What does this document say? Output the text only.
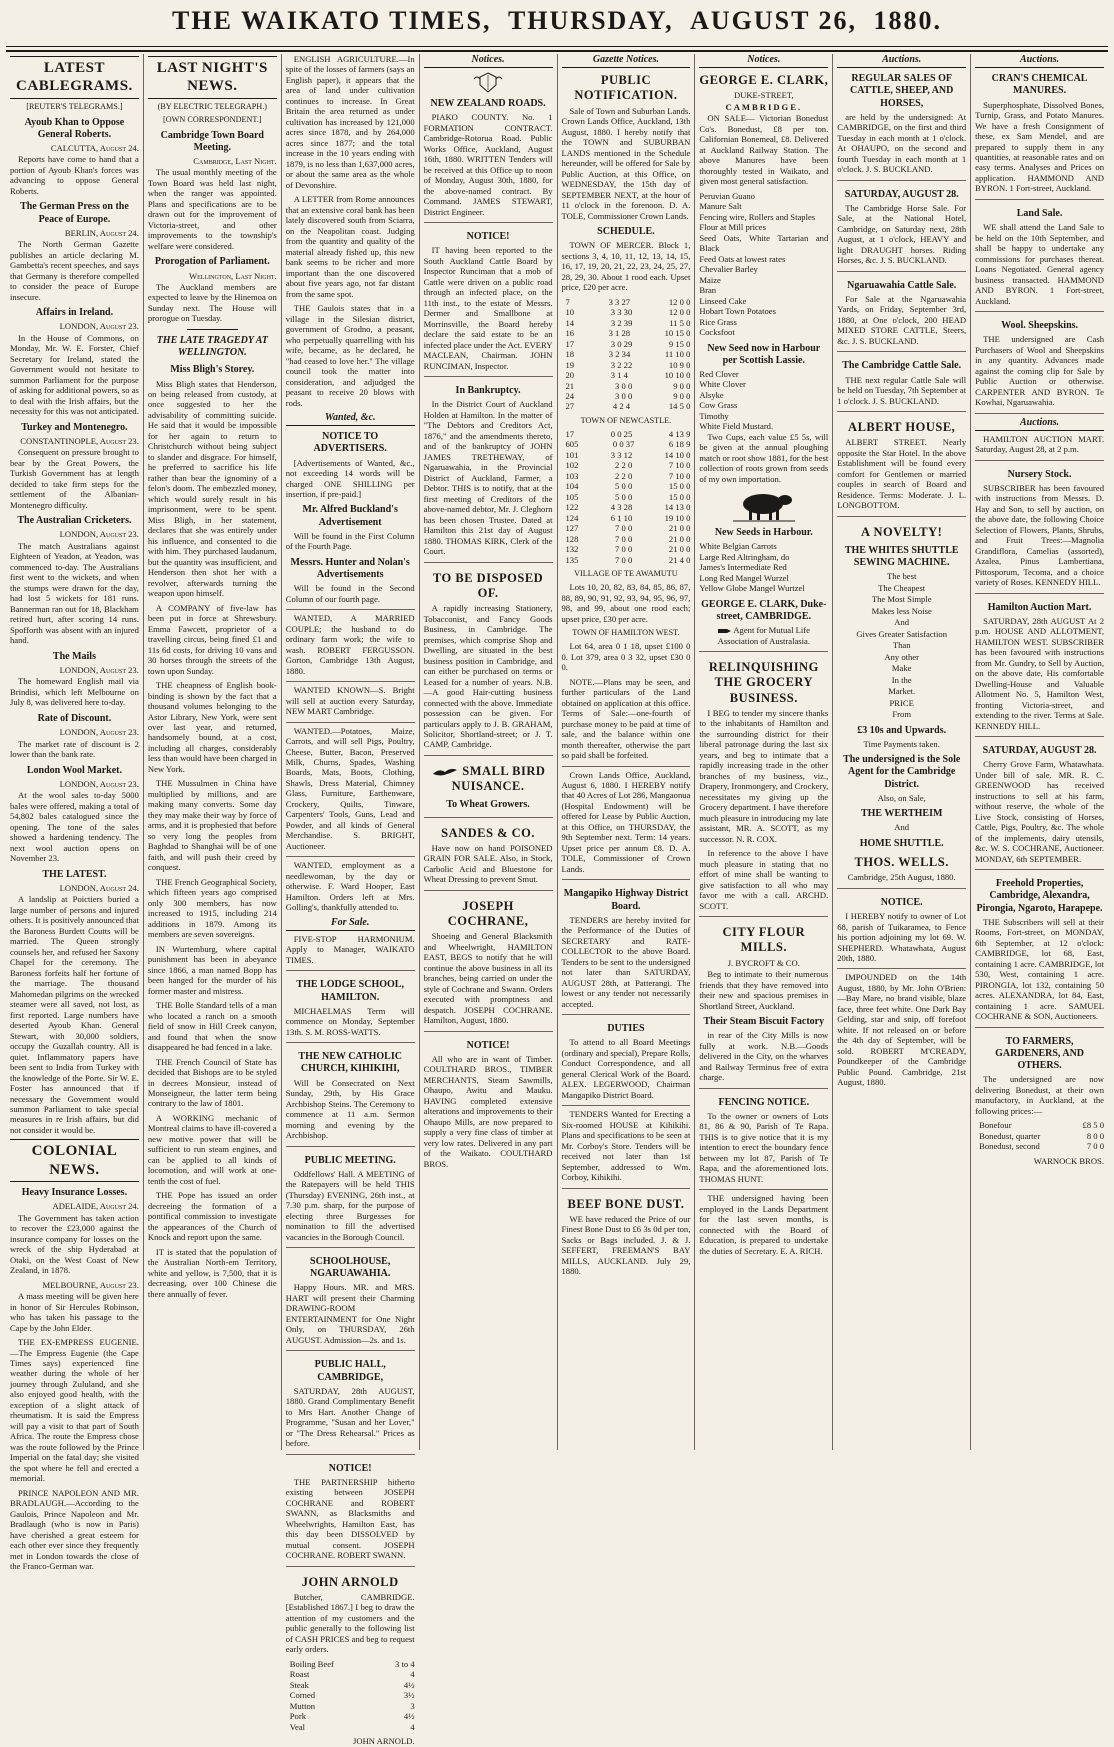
THE WAIKATO TIMES, THURSDAY, AUGUST 26, 1880.
LATEST CABLEGRAMS.
[REUTER'S TELEGRAMS.]
Ayoub Khan to Oppose General Roberts.

CALCUTTA, August 24.

Reports have come to hand that a portion of Ayoub Khan's forces was advancing to oppose General Roberts.

The German Press on the Peace of Europe.

BERLIN, August 24.

The North German Gazette publishes an article declaring M. Gambetta's recent speeches, and says that Germany is therefore compelled to consider the peace of Europe insecure.

Affairs in Ireland.

LONDON, August 23.

In the House of Commons, on Monday, Mr. W. E. Forster, Chief Secretary for Ireland, stated the Government would not hesitate to summon Parliament for the purpose of asking for additional powers, so as to deal with the Irish affairs, but the necessity for this was not anticipated.

Turkey and Montenegro.

CONSTANTINOPLE, August 23.

Consequent on pressure brought to bear by the Great Powers, the Turkish Government has at length decided to take firm steps for the settlement of the Albanian-Montenegro difficulty.

The Australian Cricketers.

LONDON, August 23.

The match Australians against Eighteen of Yeadon, at Yeadon, was commenced to-day. The Australians first went to the wickets, and when the stumps were drawn for the day, had lost 5 wickets for 181 runs. Bannerman ran out for 18, Blackham retired hurt, after scoring 14 runs. Spofforth was absent with an injured hand.

The Mails

LONDON, August 23.

The homeward English mail via Brindisi, which left Melbourne on July 8, was delivered here to-day.

Rate of Discount.

LONDON, August 23.

The market rate of discount is 2 lower than the bank rate.

London Wool Market.

LONDON, August 23.

At the wool sales to-day 5000 bales were offered, making a total of 54,802 bales catalogued since the opening. The tone of the sales showed a hardening tendency. The next wool auction opens on November 23.

THE LATEST.

LONDON, August 24.

A landslip at Poictiers buried a large number of persons and injured others. It is positively announced that the Baroness Burdett Coutts will be married. The Queen strongly counsels her, and refused her Saxony Chapel for the ceremony. The Baroness forfeits half her fortune of the marriage. The thousand Mahomedan pilgrims on the wrecked steamer were all saved, not lost, as first reported. Large numbers have deserted Ayoub Khan. General Stewart, with 30,000 soldiers, occupy the Guzallah country. All is quiet. Inflammatory papers have been sent to India from Turkey with the knowledge of the Porte. Sir W. E. Foster has announced that if necessary the Government would summon Parliament to take special measures in re Irish affairs, but did not consider it would be.

COLONIAL NEWS.
Heavy Insurance Losses.

ADELAIDE, August 24.

The Government has taken action to recover the £23,000 against the insurance company for losses on the wreck of the ship Hyderabad at Otaki, on the West Coast of New Zealand, in 1878.

MELBOURNE, August 23.

A mass meeting will be given here in honor of Sir Hercules Robinson, who has taken his passage to the Cape by the John Elder.

THE EX-EMPRESS EUGENIE.—The Empress Eugenie (the Cape Times says) experienced fine weather during the whole of her journey through Zululand, and she also enjoyed good health, with the exception of a slight attack of rheumatism. It is said the Empress will pay a visit to that part of South Africa. The route the Empress chose was the route followed by the Prince Imperial on the fatal day; she visited the spot where he fell and erected a memorial.

PRINCE NAPOLEON AND MR. BRADLAUGH.—According to the Gaulois, Prince Napoleon and Mr. Bradlaugh (who is now in Paris) have cherished a great esteem for each other ever since they frequently met in London towards the close of the Franco-German war.

LAST NIGHT'S NEWS.
(BY ELECTRIC TELEGRAPH.)
[OWN CORRESPONDENT.]
Cambridge Town Board Meeting.

Cambridge, Last Night.

The usual monthly meeting of the Town Board was held last night, when the ranger was appointed. Plans and specifications are to be drawn out for the improvement of Victoria-street, and other improvements to the township's welfare were considered.

Prorogation of Parliament.

Wellington, Last Night.

The Auckland members are expected to leave by the Hinemoa on Sunday next. The House will prorogue on Tuesday.

THE LATE TRAGEDY AT WELLINGTON.
Miss Bligh's Storey.

Miss Bligh states that Henderson, on being released from custody, at once suggested to her the advisability of committing suicide. He said that it would be impossible for her again to return to Christchurch without being subject to slander and disgrace. For himself, he preferred to sacrifice his life rather than bear the ignominy of a felon's doom. The embezzled money, which would surely result in his imprisonment, were to be spent. Miss Bligh, in her statement, declares that she was entirely under his influence, and consented to die with him. They purchased laudanum, but the quantity was insufficient, and Henderson then shot her with a revolver, afterwards turning the weapon upon himself.

A COMPANY of five-law has been put in force at Shrewsbury. Emma Fawcett, proprietor of a travelling circus, being fined £1 and 11s 6d costs, for driving 10 vans and 30 horses through the streets of the town upon Sunday.

THE cheapness of English book-binding is shown by the fact that a thousand volumes belonging to the Astor Library, New York, were sent over last year, and returned, handsomely bound, at a cost, including all charges, considerably less than would have been charged in New York.

THE Mussulmen in China have multiplied by millions, and are making many converts. Some day they may make their way by force of arms, and it is prophesied that before so very long the peoples from Baghdad to Shanghai will be of one faith, and will push their creed by conquest.

THE French Geographical Society, which fifteen years ago comprised only 300 members, has now increased to 1915, including 214 additions in 1879. Among its members are seven sovereigns.

IN Wurtemburg, where capital punishment has been in abeyance since 1866, a man named Bopp has been hanged for the murder of his former master and mistress.

THE Bolle Standard tells of a man who located a ranch on a smooth field of snow in Hill Creek canyon, and found that when the snow disappeared he had fenced in a lake.

THE French Council of State has decided that Bishops are to be styled in decrees Monsieur, instead of Monseigneur, the latter term being contrary to the law of 1801.

A WORKING mechanic of Montreal claims to have ill-covered a new motive power that will be sufficient to run steam engines, and can be applied to all kinds of locomotion, and will work at one-tenth the cost of fuel.

THE Pope has issued an order decreeing the formation of a pontifical commission to investigate the appearances of the Church of Knock and report upon the same.

IT is stated that the population of the Australian North-em Territory, white and yellow, is 7,500, that it is decreasing, over 100 Chinese die there annually of fever.

ENGLISH AGRICULTURE.—In spite of the losses of farmers (says an English paper), it appears that the area of land under cultivation continues to increase. In Great Britain the area returned as under cultivation has increased by 121,000 acres since 1878, and by 264,000 acres since 1877; and the total increase in the 10 years ending with 1879, is no less than 1,637,000 acres, or about the same area as the whole of Devonshire.

A LETTER from Rome announces that an extensive coral bank has been lately discovered south from Sciarra, on the Neapolitan coast. Judging from the quantity and quality of the material already fished up, this new bank seems to be richer and more important than the one discovered about five years ago, not far distant from the same spot.

THE Gaulois states that in a village in the Silesian district, government of Grodno, a peasant, who perpetually quarrelling with his wife, became, as he declared, he "had ceased to love her." The village council took the matter into consideration, and adjudged the peasant to receive 20 blows with rods.

Wanted, &c.
NOTICE TO ADVERTISERS.

[Advertisements of Wanted, &c., not exceeding 14 words will be charged ONE SHILLING per insertion, if pre-paid.]

Mr. Alfred Buckland's Advertisement

Will be found in the First Column of the Fourth Page.

Messrs. Hunter and Nolan's Advertisements

Will be found in the Second Column of our fourth page.

WANTED, A MARRIED COUPLE; the husband to do ordinary farm work; the wife to wash. ROBERT FERGUSSON. Gorton, Cambridge 13th August, 1880.

WANTED KNOWN—S. Bright will sell at auction every Saturday, NEW MART Cambridge.

WANTED.—Potatoes, Maize, Carrots, and will sell Pigs, Poultry, Cheese, Butter, Bacon, Preserved Milk, Churns, Spades, Washing Boards, Mats, Boots, Clothing, Shawls, Dress Material, Chimney Glass, Furniture, Earthenware, Crockery, Quilts, Tinware, Carpenters' Tools, Guns, Lead and Powder, and all kinds of General Merchandise. S. BRIGHT, Auctioneer.

WANTED, employment as a needlewoman, by the day or otherwise. F. Ward Hooper, East Hamilton. Orders left at Mrs. Golling's, thankfully attended to.

For Sale.

FIVE-STOP HARMONIUM. Apply to Manager, WAIKATO TIMES.

THE LODGE SCHOOL, HAMILTON.

MICHAELMAS Term will commence on Monday, September 13th. S. M. ROSS-WATTS.

THE NEW CATHOLIC CHURCH, KIHIKIHI,

Will be Consecrated on Next Sunday, 29th, by His Grace Archbishop Steins. The Ceremony to commence at 11 a.m. Sermon morning and evening by the Archbishop.

PUBLIC MEETING.

Oddfellows' Hall. A MEETING of the Ratepayers will be held THIS (Thursday) EVENING, 26th inst., at 7.30 p.m. sharp, for the purpose of electing three Burgesses for nomination to fill the advertised vacancies in the Borough Council.

SCHOOLHOUSE, NGARUAWAHIA.

Happy Hours. MR. and MRS. HART will present their Charming DRAWING-ROOM ENTERTAINMENT for One Night Only, on THURSDAY, 26th AUGUST. Admission—2s. and 1s.

PUBLIC HALL, CAMBRIDGE,

SATURDAY, 28th AUGUST, 1880. Grand Complimentary Benefit to Mrs Hart. Another Change of Programme, "Susan and her Lover," or "The Dress Rehearsal." Prices as before.

NOTICE!

THE PARTNERSHIP hitherto existing between JOSEPH COCHRANE and ROBERT SWANN, as Blacksmiths and Wheelwrights, Hamilton East, has this day been DISSOLVED by mutual consent. JOSEPH COCHRANE. ROBERT SWANN.

JOHN ARNOLD

Butcher, CAMBRIDGE. [Established 1867.] I beg to draw the attention of my customers and the public generally to the following list of CASH PRICES and beg to request early orders.

Boiling Beef	3 to 4
Roast	4
Steak	4½
Corned	3½
Mutton	3
Pork	4½
Veal	4
JOHN ARNOLD.
Notices.
NEW ZEALAND ROADS.

PIAKO COUNTY. No. 1 FORMATION CONTRACT. Cambridge-Rotorua Road. Public Works Office, Auckland, August 16th, 1880. WRITTEN Tenders will be received at this Office up to noon of Monday, August 30th, 1880, for the above-named contract. By Command. JAMES STEWART, District Engineer.

NOTICE!

IT having been reported to the South Auckland Cattle Board by Inspector Runciman that a mob of Cattle were driven on a public road through an infected place, on the 11th inst., to the estate of Messrs. Dermer and Smallbone at Morrinsville, the Board hereby declare the said estate to be an infected place under the Act. EVERY MACLEAN, Chairman. JOHN RUNCIMAN, Inspector.

In Bankruptcy.

In the District Court of Auckland Holden at Hamilton. In the matter of "The Debtors and Creditors Act, 1876," and the amendments thereto, and of the bankruptcy of JOHN JAMES TRETHEWAY, of Ngaruawahia, in the Provincial District of Auckland, Farmer, a Debtor. THIS is to notify, that at the first meeting of Creditors of the above-named debtor, Mr. J. Cleghorn has been chosen Trustee. Dated at Hamilton this 21st day of August 1880. THOMAS KIRK, Clerk of the Court.

TO BE DISPOSED OF.

A rapidly increasing Stationery, Tobacconist, and Fancy Goods Business, in Cambridge. The premises, which comprise Shop and Dwelling, are situated in the best business position in Cambridge, and can either be purchased on terms or Leased for a number of years. N.B.—A good Hair-cutting business connected with the above. Immediate possession can be given. For particulars apply to J. B. GRAHAM, Solicitor, Shortland-street; or J. T. CAMP, Cambridge.

SMALL BIRD NUISANCE.
To Wheat Growers.
SANDES & CO.

Have now on hand POISONED GRAIN FOR SALE. Also, in Stock, Carbolic Acid and Bluestone for Wheat Dressing to prevent Smut.

JOSEPH COCHRANE,

Shoeing and General Blacksmith and Wheelwright, HAMILTON EAST, BEGS to notify that he will continue the above business in all its branches, being carried on under the style of Cochrane and Swann. Orders executed with promptness and despatch. JOSEPH COCHRANE. Hamilton, August, 1880.

NOTICE!

All who are in want of Timber. COULTHARD BROS., TIMBER MERCHANTS, Steam Sawmills, Ohaupo, Awitu and Mauku. HAVING completed extensive alterations and improvements to their Ohaupo Mills, are now prepared to supply a very fine class of timber at very low rates. Delivered in any part of the Waikato. COULTHARD BROS.

Gazette Notices.
PUBLIC NOTIFICATION.

Sale of Town and Suburban Lands. Crown Lands Office, Auckland, 13th August, 1880. I hereby notify that the TOWN and SUBURBAN LANDS mentioned in the Schedule hereunder, will be offered for Sale by Public Auction, at this Office, on WEDNESDAY, the 15th day of SEPTEMBER NEXT, at the hour of 11 o'clock in the forenoon. D. A. TOLE, Commissioner Crown Lands.

SCHEDULE.

TOWN OF MERCER. Block 1, sections 3, 4, 10, 11, 12, 13, 14, 15, 16, 17, 19, 20, 21, 22, 23, 24, 25, 27, 28, 29, 30. About 1 rood each. Upset price, £20 per acre.

7	3 3 27	12 0 0
10	3 3 30	12 0 0
14	3 2 39	11 5 0
16	3 1 28	10 15 0
17	3 0 29	9 15 0
18	3 2 34	11 10 0
19	3 2 22	10 9 0
20	3 1 4	10 10 0
21	3 0 0	9 0 0
24	3 0 0	9 0 0
27	4 2 4	14 5 0
TOWN OF NEWCASTLE.
17	0 0 25	4 13 9
605	0 0 37	6 18 9
101	3 3 12	14 10 0
102	2 2 0	7 10 0
103	2 2 0	7 10 0
104	5 0 0	15 0 0
105	5 0 0	15 0 0
122	4 3 28	14 13 0
124	6 1 10	19 10 0
127	7 0 0	21 0 0
128	7 0 0	21 0 0
132	7 0 0	21 0 0
135	7 0 0	21 4 0
VILLAGE OF TE AWAMUTU

Lots 10, 20, 82, 83, 84, 85, 86, 87, 88, 89, 90, 91, 92, 93, 94, 95, 96, 97, 98, and 99, about one rood each; upset price, £30 per acre.

TOWN OF HAMILTON WEST.

Lot 64, area 0 1 18, upset £100 0 0. Lot 379, area 0 3 32, upset £30 0 0.

NOTE.—Plans may be seen, and further particulars of the Land obtained on application at this office. Terms of Sale:—one-fourth of purchase money to be paid at time of sale, and the balance within one month thereafter, otherwise the part so paid shall be forfeited.

Crown Lands Office, Auckland, August 6, 1880. I HEREBY notify that 40 Acres of Lot 286, Mangaonua (Hospital Endowment) will be offered for Lease by Public Auction, at this Office, on THURSDAY, the 9th September next. Term: 14 years. Upset price per annum £8. D. A. TOLE, Commissioner of Crown Lands.

Mangapiko Highway District Board.

TENDERS are hereby invited for the Performance of the Duties of SECRETARY and RATE-COLLECTOR to the above Board. Tenders to be sent to the undersigned not later than SATURDAY, AUGUST 28th, at Patterangi. The lowest or any tender not necessarily accepted.

DUTIES

To attend to all Board Meetings (ordinary and special), Prepare Rolls, Conduct Correspondence, and all general Clerical Work of the Board. ALEX. LEGERWOOD, Chairman Mangapiko District Board.

TENDERS Wanted for Erecting a Six-roomed HOUSE at Kihikihi. Plans and specifications to be seen at Mr. Corboy's Store. Tenders will be received not later than 1st September, addressed to Wm. Corboy, Kihikihi.

BEEF BONE DUST.

WE have reduced the Price of our Finest Bone Dust to £6 3s 0d per ton, Sacks or Bags included. J. & J. SEFFERT, FREEMAN'S BAY MILLS, AUCKLAND. July 29, 1880.

Notices.
GEORGE E. CLARK,
DUKE-STREET,
CAMBRIDGE.

ON SALE— Victorian Bonedust Co's. Bonedust, £8 per ton. Californian Bonemeal, £8. Delivered at Auckland Railway Station. The above Manures have been thoroughly tested in Waikato, and given most general satisfaction.

Peruvian Guano
Manure Salt
Fencing wire, Rollers and Staples
Flour at Mill prices
Seed Oats, White Tartarian and Black
Feed Oats at lowest rates
Chevalier Barley
Maize
Bran
Linseed Cake
Hobart Town Potatoes
Rice Grass
Cocksfoot
New Seed now in Harbour per Scottish Lassie.
Red Clover
White Clover
Alsyke
Cow Grass
Timothy
White Field Mustard.

Two Cups, each value £5 5s, will be given at the annual ploughing match or root show 1881, for the best collection of roots grown from seeds of my own importation.

New Seeds in Harbour.
White Belgian Carrots
Large Red Altringham, do
James's Intermediate Red
Long Red Mangel Wurzel
Yellow Globe Mangel Wurtzel
GEORGE E. CLARK, Duke-street, CAMBRIDGE.
Agent for Mutual Life Association of Australasia.
RELINQUISHING THE GROCERY BUSINESS.

I BEG to tender my sincere thanks to the inhabitants of Hamilton and the surrounding district for their liberal patronage during the last six years, and beg to intimate that a rapidly increasing trade in the other branches of my business, viz., Drapery, Ironmongery, and Crockery, necessitates my giving up the Grocery department. I have therefore much pleasure in introducing my late assistant, MR. A. SCOTT, as my successor. N. R. COX.

In reference to the above I have much pleasure in stating that no effort of mine shall be wanting to give satisfaction to all who may favor me with a call. ARCHD. SCOTT.

CITY FLOUR MILLS.
J. BYCROFT & CO.

Beg to intimate to their numerous friends that they have removed into their new and spacious premises in Shortland Street, Auckland.

Their Steam Biscuit Factory

in rear of the City Mills is now fully at work. N.B.—Goods delivered in the City, on the wharves and Railway Terminus free of extra charge.

FENCING NOTICE.

To the owner or owners of Lots 81, 86 & 90, Parish of Te Rapa. THIS is to give notice that it is my intention to erect the boundary fence between my lot 87, Parish of Te Rapa, and the aforementioned lots. THOMAS HUNT.

THE undersigned having been employed in the Lands Department for the last seven months, is connected with the Board of Education, is prepared to undertake the duties of Secretary. E. A. RICH.

Auctions.
REGULAR SALES OF CATTLE, SHEEP, AND HORSES,

are held by the undersigned: At CAMBRIDGE, on the first and third Tuesday in each month at 1 o'clock. At OHAUPO, on the second and fourth Tuesday in each month at 1 o'clock. J. S. BUCKLAND.

SATURDAY, AUGUST 28.

The Cambridge Horse Sale. For Sale, at the National Hotel, Cambridge, on Saturday next, 28th August, at 1 o'clock, HEAVY and light DRAUGHT horses. Riding Horses, &c. J. S. BUCKLAND.

Ngaruawahia Cattle Sale.

For Sale at the Ngaruawahia Yards, on Friday, September 3rd, 1880, at One o'clock, 200 HEAD MIXED STORE CATTLE, Steers, &c. J. S. BUCKLAND.

The Cambridge Cattle Sale.

THE next regular Cattle Sale will be held on Tuesday, 7th September at 1 o'clock. J. S. BUCKLAND.

ALBERT HOUSE,

ALBERT STREET. Nearly opposite the Star Hotel. In the above Establishment will be found every comfort for Gentlemen or married couples in search of Board and Residence. Terms: Moderate. J. L. LONGBOTTOM.

A NOVELTY!
THE WHITES SHUTTLE SEWING MACHINE.
The best
The Cheapest
The Most Simple
Makes less Noise
And
Gives Greater Satisfaction
Than
Any other
Make
In the
Market.
PRICE
From
£3 10s and Upwards.
Time Payments taken.
The undersigned is the Sole Agent for the Cambridge District.
Also, on Sale,
THE WERTHEIM
And
HOME SHUTTLE.
THOS. WELLS.
Cambridge, 25th August, 1880.
NOTICE.

I HEREBY notify to owner of Lot 68, parish of Tuikaramea, to Fence his portion adjoining my lot 69. W. SHEPHERD. Whatawhata, August 20th, 1880.

IMPOUNDED on the 14th August, 1880, by Mr. John O'Brien:—Bay Mare, no brand visible, blaze face, three feet white. One Dark Bay Gelding, star and snip, off forefoot white. If not released on or before the 4th day of September, will be sold. ROBERT M'CREADY, Poundkeeper of the Cambridge Public Pound. Cambridge, 21st August, 1880.

Auctions.
CRAN'S CHEMICAL MANURES.

Superphosphate, Dissolved Bones, Turnip, Grass, and Potato Manures. We have a fresh Consignment of these, ex Sam Mendel, and are prepared to supply them in any quantities, at reasonable rates and on easy terms. Analyses and Prices on application. HAMMOND AND BYRON. 1 Fort-street, Auckland.

Land Sale.

WE shall attend the Land Sale to be held on the 10th September, and shall be happy to undertake any commissions for purchases thereat. Loans Negotiated. General agency business transacted. HAMMOND AND BYRON. 1 Fort-street, Auckland.

Wool. Sheepskins.

THE undersigned are Cash Purchasers of Wool and Sheepskins in any quantity. Advances made against the coming clip for Sale by Public Auction or otherwise. CARPENTER AND BYRON. Te Kowhai, Ngaruawahia.

Auctions.

HAMILTON AUCTION MART. Saturday, August 28, at 2 p.m.

Nursery Stock.

SUBSCRIBER has been favoured with instructions from Messrs. D. Hay and Son, to sell by auction, on the above date, the following Choice Selection of Flowers, Plants, Shrubs, and Fruit Trees:—Magnolia Grandiflora, Camelias (assorted), Azalea, Pinus Lambertiana, Pittosporum, Tecoma, and a choice variety of Roses. KENNEDY HILL.

Hamilton Auction Mart.

SATURDAY, 28th AUGUST At 2 p.m. HOUSE AND ALLOTMENT, HAMILTON WEST. SUBSCRIBER has been favoured with instructions from Mr. Gundry, to Sell by Auction, on the above date, His comfortable Dwelling-House and Valuable Allotment No. 5, Hamilton West, fronting Victoria-street, and extending to the river. Terms at Sale. KENNEDY HILL.

SATURDAY, AUGUST 28.

Cherry Grove Farm, Whatawhata. Under bill of sale. MR. R. C. GREENWOOD has received instructions to sell at his farm, without reserve, the whole of the Live Stock, consisting of Horses, Cattle, Pigs, Poultry, &c. The whole of the implements, dairy utensils, &c. W. S. COCHRANE, Auctioneer. MONDAY, 6th SEPTEMBER.

Freehold Properties, Cambridge, Alexandra, Pirongia, Ngaroto, Harapepe.

THE Subscribers will sell at their Rooms, Fort-street, on MONDAY, 6th September, at 12 o'clock: CAMBRIDGE, lot 68, East, containing 1 acre. CAMBRIDGE, lot 530, West, containing 1 acre. PIRONGIA, lot 132, containing 50 acres. ALEXANDRA, lot 84, East, containing 1 acre. SAMUEL COCHRANE & SON, Auctioneers.

TO FARMERS, GARDENERS, AND OTHERS.

The undersigned are now delivering Bonedust, at their own manufactory, in Auckland, at the following prices:—

Bonefour	£8 5 0
Bonedust, quarter	8 0 0
Bonedust, second	7 0 0
WARNOCK BROS.
